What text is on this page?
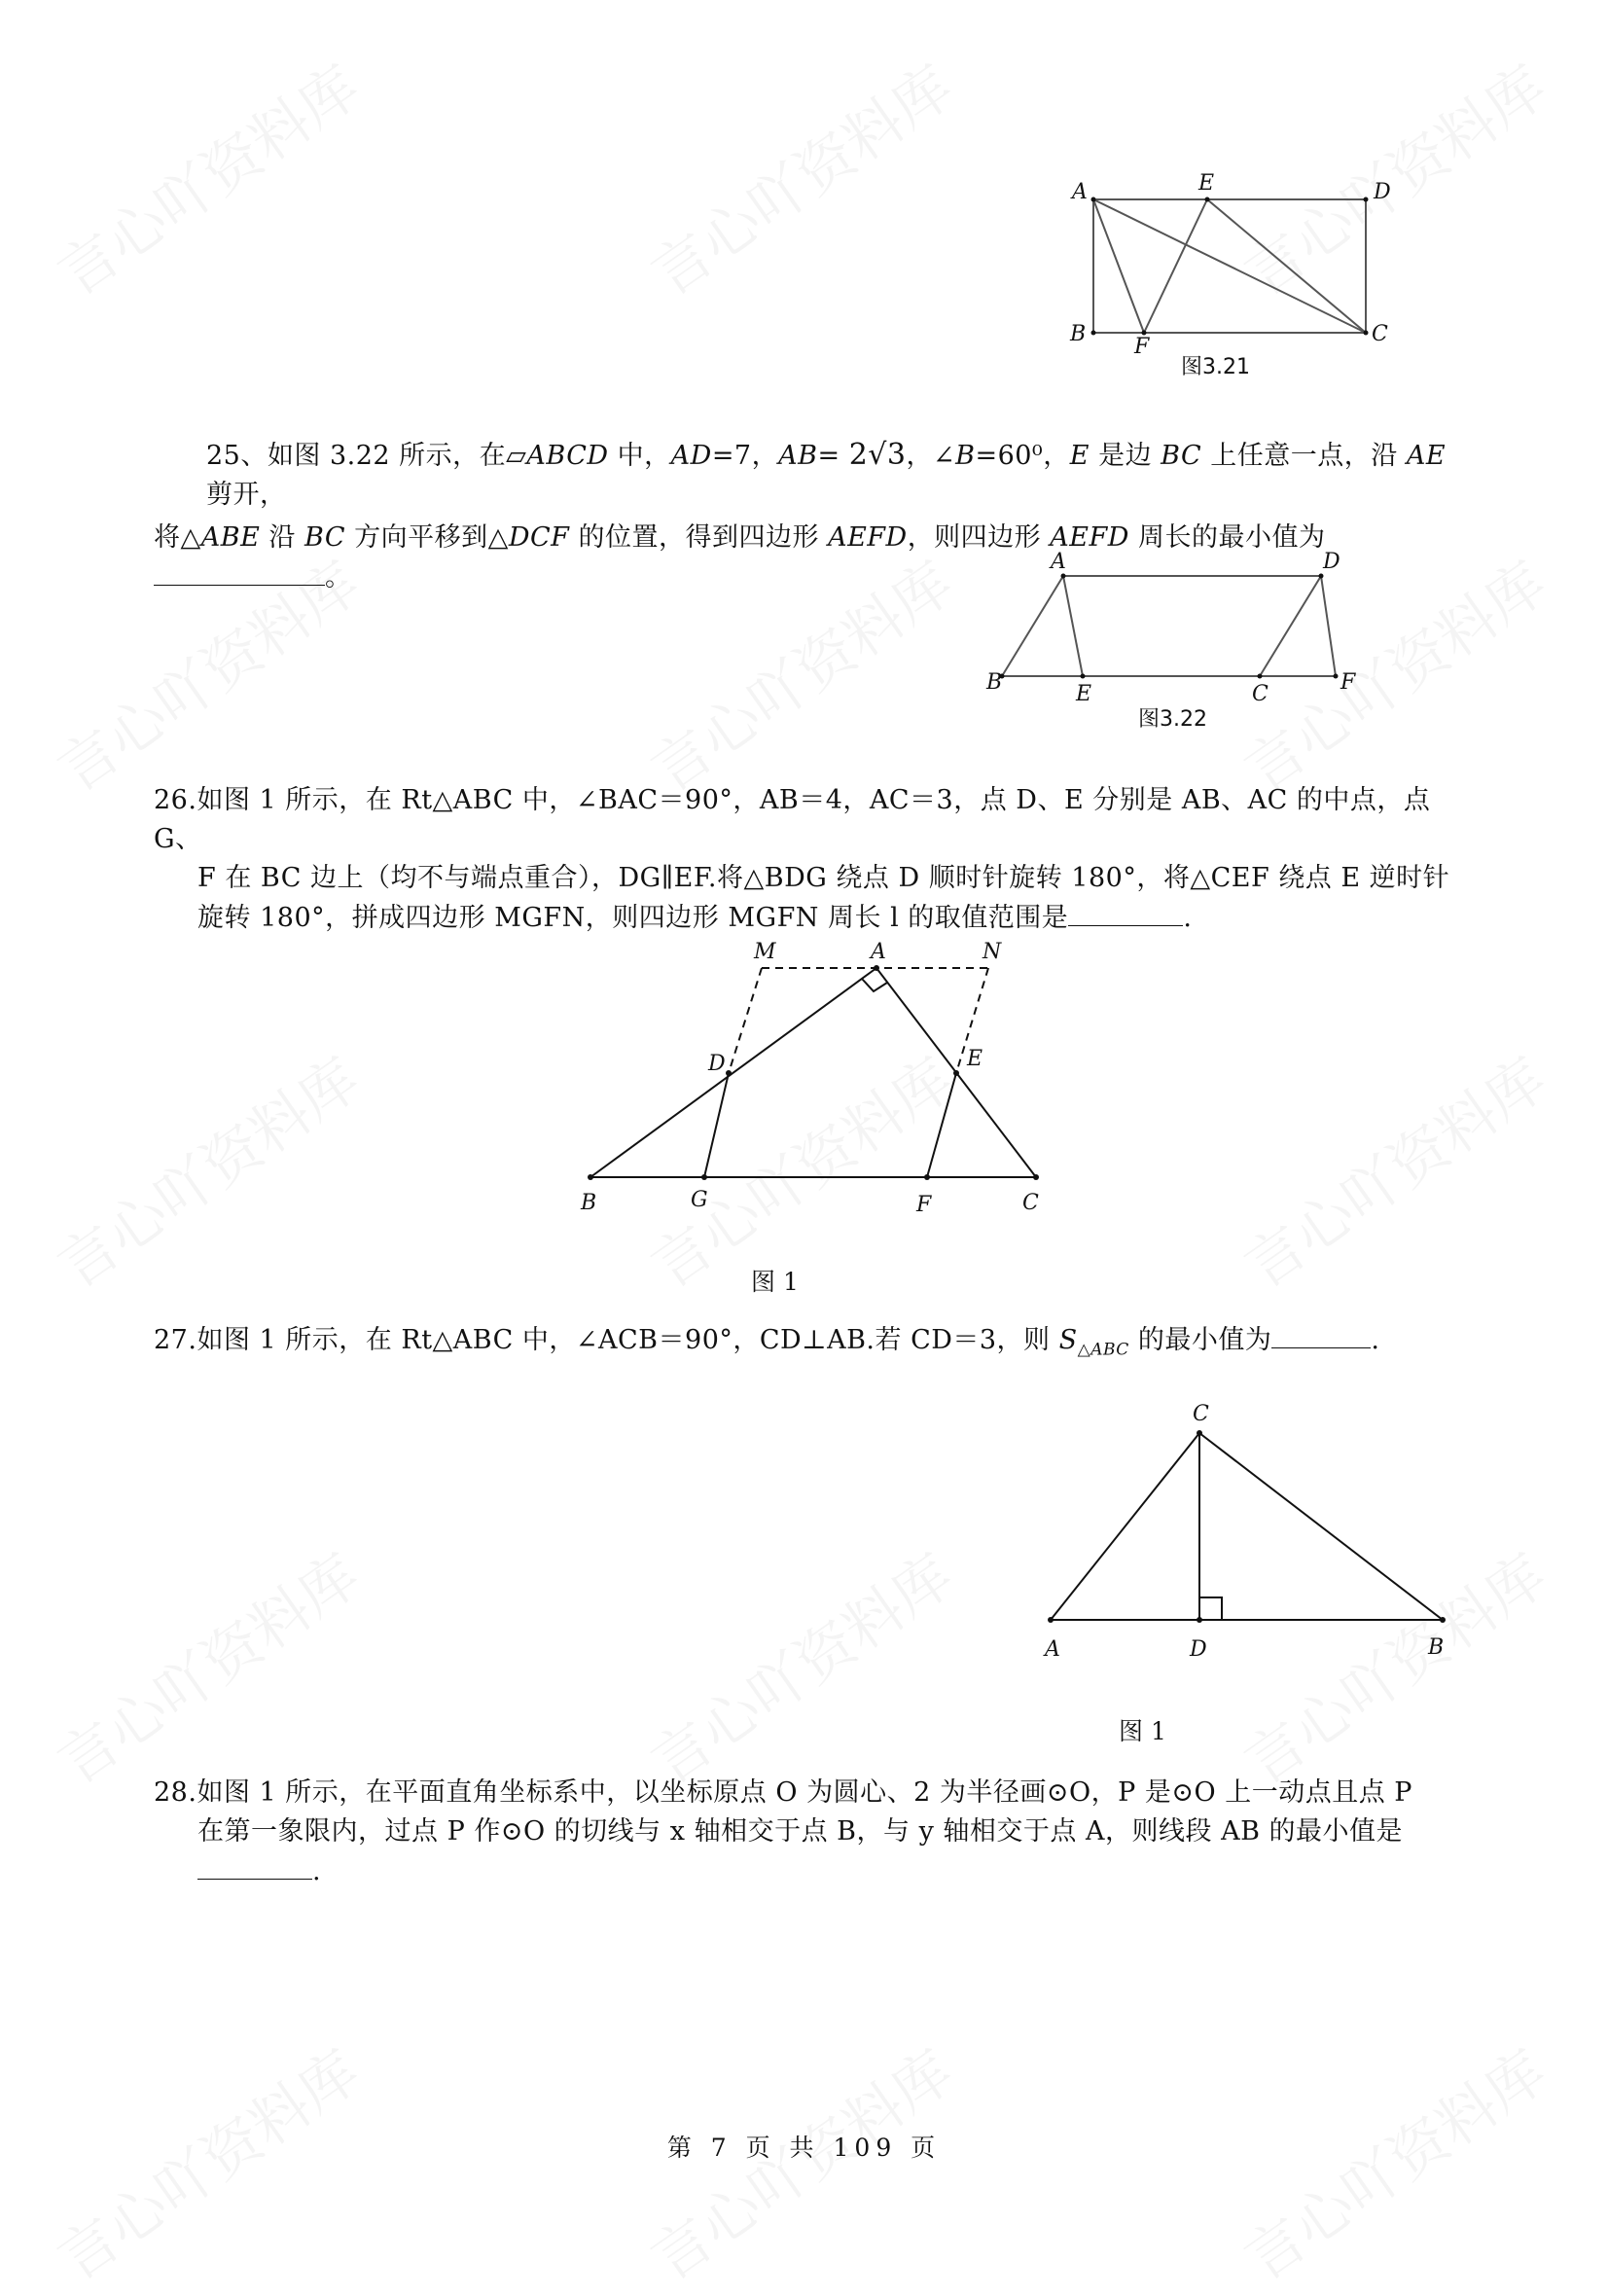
A	E	D
B
F
C
图3.21
25、如图 3.22 所示，在▱ABCD 中，AD=7，AB= 2√3，∠B=60⁰，E 是边 BC 上任意一点，沿 AE 剪开，
将△ABE 沿 BC 方向平移到△DCF 的位置，得到四边形 AEFD，则四边形 AEFD 周长的最小值为。
A	D
B	E	C	F
图3.22
26.如图 1 所示，在 Rt△ABC 中，∠BAC＝90°，AB＝4，AC＝3，点 D、E 分别是 AB、AC 的中点，点 G、
F 在 BC 边上（均不与端点重合），DG∥EF.将△BDG 绕点 D 顺时针旋转 180°，将△CEF 绕点 E 逆时针
旋转 180°，拼成四边形 MGFN，则四边形 MGFN 周长 l 的取值范围是	.
M	A	N
D	E
B	G	F	C
图 1
27.如图 1 所示，在 Rt△ABC 中，∠ACB＝90°，CD⊥AB.若 CD＝3，则 $S_{\triangle ABC}$ 的最小值为	.
C
A	D	B
图 1
28.如图 1 所示，在平面直角坐标系中，以坐标原点 O 为圆心、2 为半径画⊙O，P 是⊙O 上一动点且点 P
在第一象限内，过点 P 作⊙O 的切线与 x 轴相交于点 B，与 y 轴相交于点 A，则线段 AB 的最小值是
.
第 7 页 共 109 页
